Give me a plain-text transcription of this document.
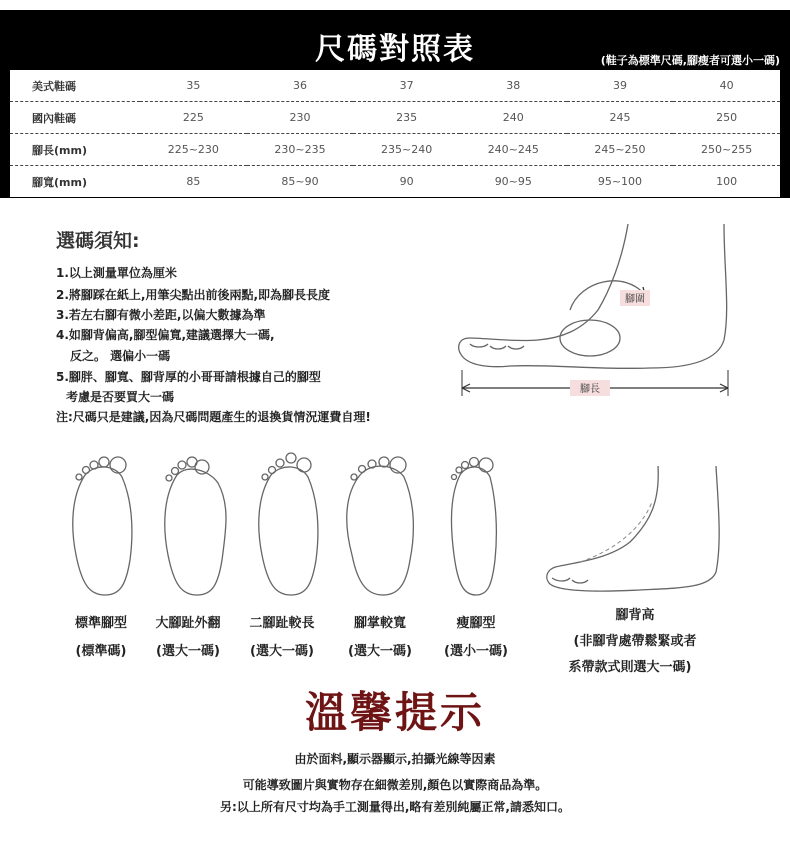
尺碼對照表	(鞋子為標準尺碼,腳瘦者可選小一碼)
美式鞋碼	35	36	37	38	39	40
國內鞋碼	225	230	235	240	245	250
腳長(mm)	225~230	230~235	235~240	240~245	245~250	250~255
腳寬(mm)	85	85~90	90	90~95	95~100	100
選碼須知:
1.以上測量單位為厘米
2.將腳踩在紙上,用筆尖點出前後兩點,即為腳長長度
3.若左右腳有微小差距,以偏大數據為準
4.如腳背偏高,腳型偏寬,建議選擇大一碼,
反之。 選偏小一碼
5.腳胖、腳寬、腳背厚的小哥哥請根據自己的腳型
考慮是否要買大一碼
注:尺碼只是建議,因為尺碼問題產生的退換貨情況運費自理!
腳圍
腳長
標準腳型
(標準碼)
大腳趾外翻
(選大一碼)
二腳趾較長
(選大一碼)
腳掌較寬
(選大一碼)
瘦腳型
(選小一碼)
腳背高
(非腳背處帶鬆緊或者
系帶款式則選大一碼)
溫馨提示
由於面料,顯示器顯示,拍攝光線等因素
可能導致圖片與實物存在細微差別,顏色以實際商品為準。
另:以上所有尺寸均為手工測量得出,略有差別純屬正常,請悉知口。
